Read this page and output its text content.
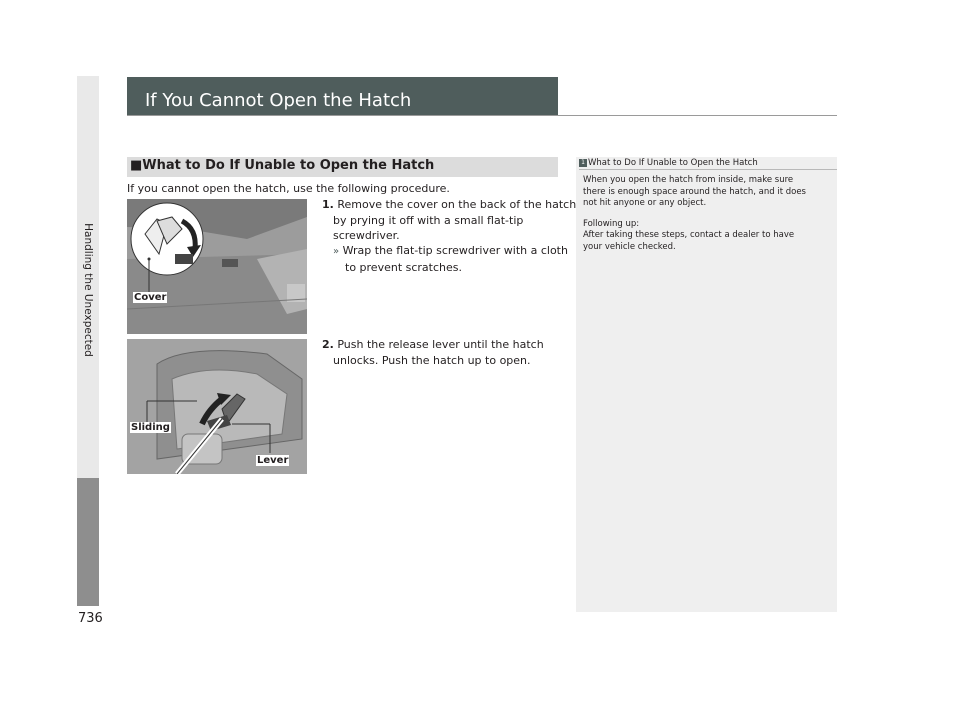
Handling the Unexpected
736
If You Cannot Open the Hatch
■What to Do If Unable to Open the Hatch
If you cannot open the hatch, use the following procedure.
1. Remove the cover on the back of the hatch
by prying it off with a small flat-tip
screwdriver.
» Wrap the flat-tip screwdriver with a cloth
to prevent scratches.
2. Push the release lever until the hatch
unlocks. Push the hatch up to open.
Cover
Sliding
Lever
1 What to Do If Unable to Open the Hatch

When you open the hatch from inside, make sure
there is enough space around the hatch, and it does
not hit anyone or any object.

Following up:
After taking these steps, contact a dealer to have
your vehicle checked.
